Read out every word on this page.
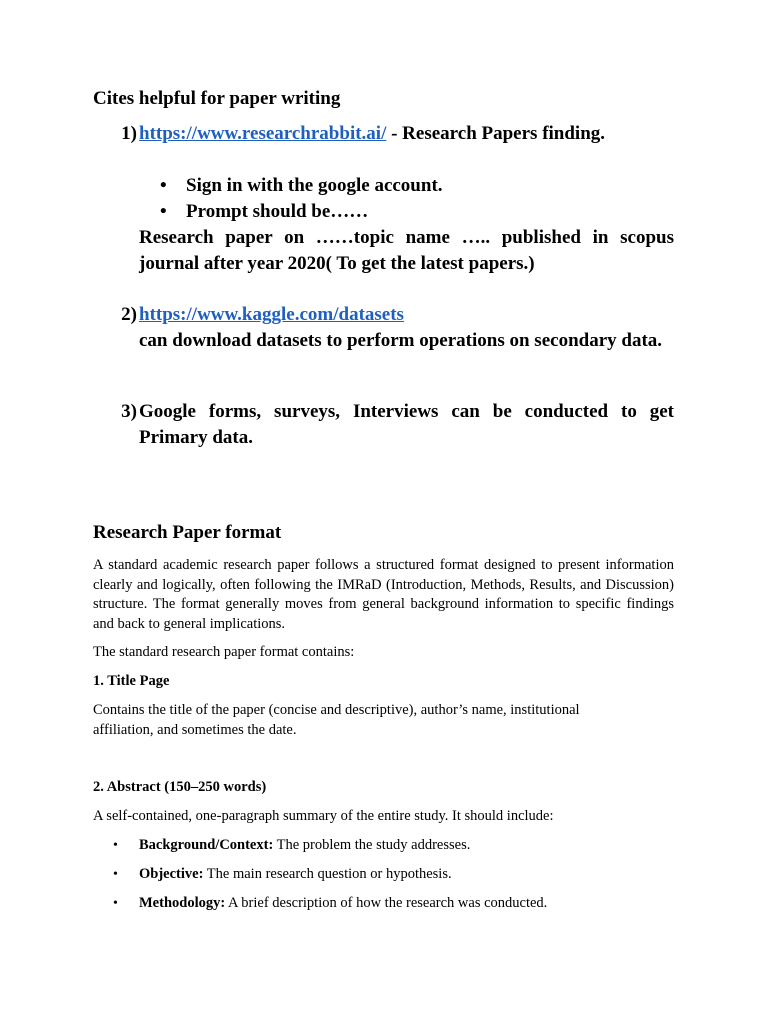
Cites helpful for paper writing
1) https://www.researchrabbit.ai/ - Research Papers finding.
• Sign in with the google account.
• Prompt should be……
Research paper on ……topic name ….. published in scopus journal after year 2020( To get the latest papers.)
2) https://www.kaggle.com/datasets
can download datasets to perform operations on secondary data.
3) Google forms, surveys, Interviews can be conducted to get Primary data.
Research Paper format
A standard academic research paper follows a structured format designed to present information clearly and logically, often following the IMRaD (Introduction, Methods, Results, and Discussion) structure. The format generally moves from general background information to specific findings and back to general implications.
The standard research paper format contains:
1. Title Page
Contains the title of the paper (concise and descriptive), author’s name, institutional affiliation, and sometimes the date.
2. Abstract (150–250 words)
A self-contained, one-paragraph summary of the entire study. It should include:
• Background/Context: The problem the study addresses.
• Objective: The main research question or hypothesis.
• Methodology: A brief description of how the research was conducted.
